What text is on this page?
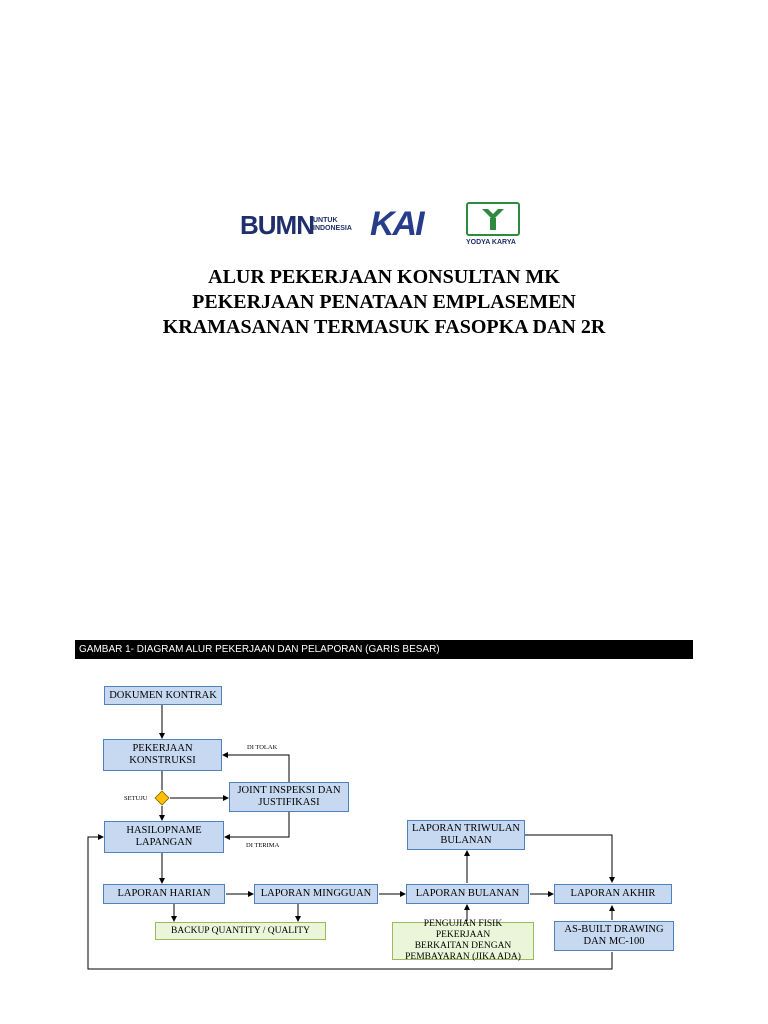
BUMN UNTUK INDONESIA KAI	YODYA KARYA
ALUR PEKERJAAN KONSULTAN MK
PEKERJAAN PENATAAN EMPLASEMEN
KRAMASANAN TERMASUK FASOPKA DAN 2R
GAMBAR 1- DIAGRAM ALUR PEKERJAAN DAN PELAPORAN (GARIS BESAR)
DOKUMEN KONTRAK
PEKERJAAN
KONSTRUKSI
JOINT INSPEKSI DAN
JUSTIFIKASI
HASILOPNAME
LAPANGAN
LAPORAN HARIAN	LAPORAN MINGGUAN	LAPORAN BULANAN
LAPORAN TRIWULAN
BULANAN
LAPORAN AKHIR
BACKUP QUANTITY / QUALITY
PENGUJIAN FISIK PEKERJAAN
BERKAITAN DENGAN
PEMBAYARAN (JIKA ADA)
AS-BUILT DRAWING
DAN MC-100
DI TOLAK
SETUJU
DI TERIMA
